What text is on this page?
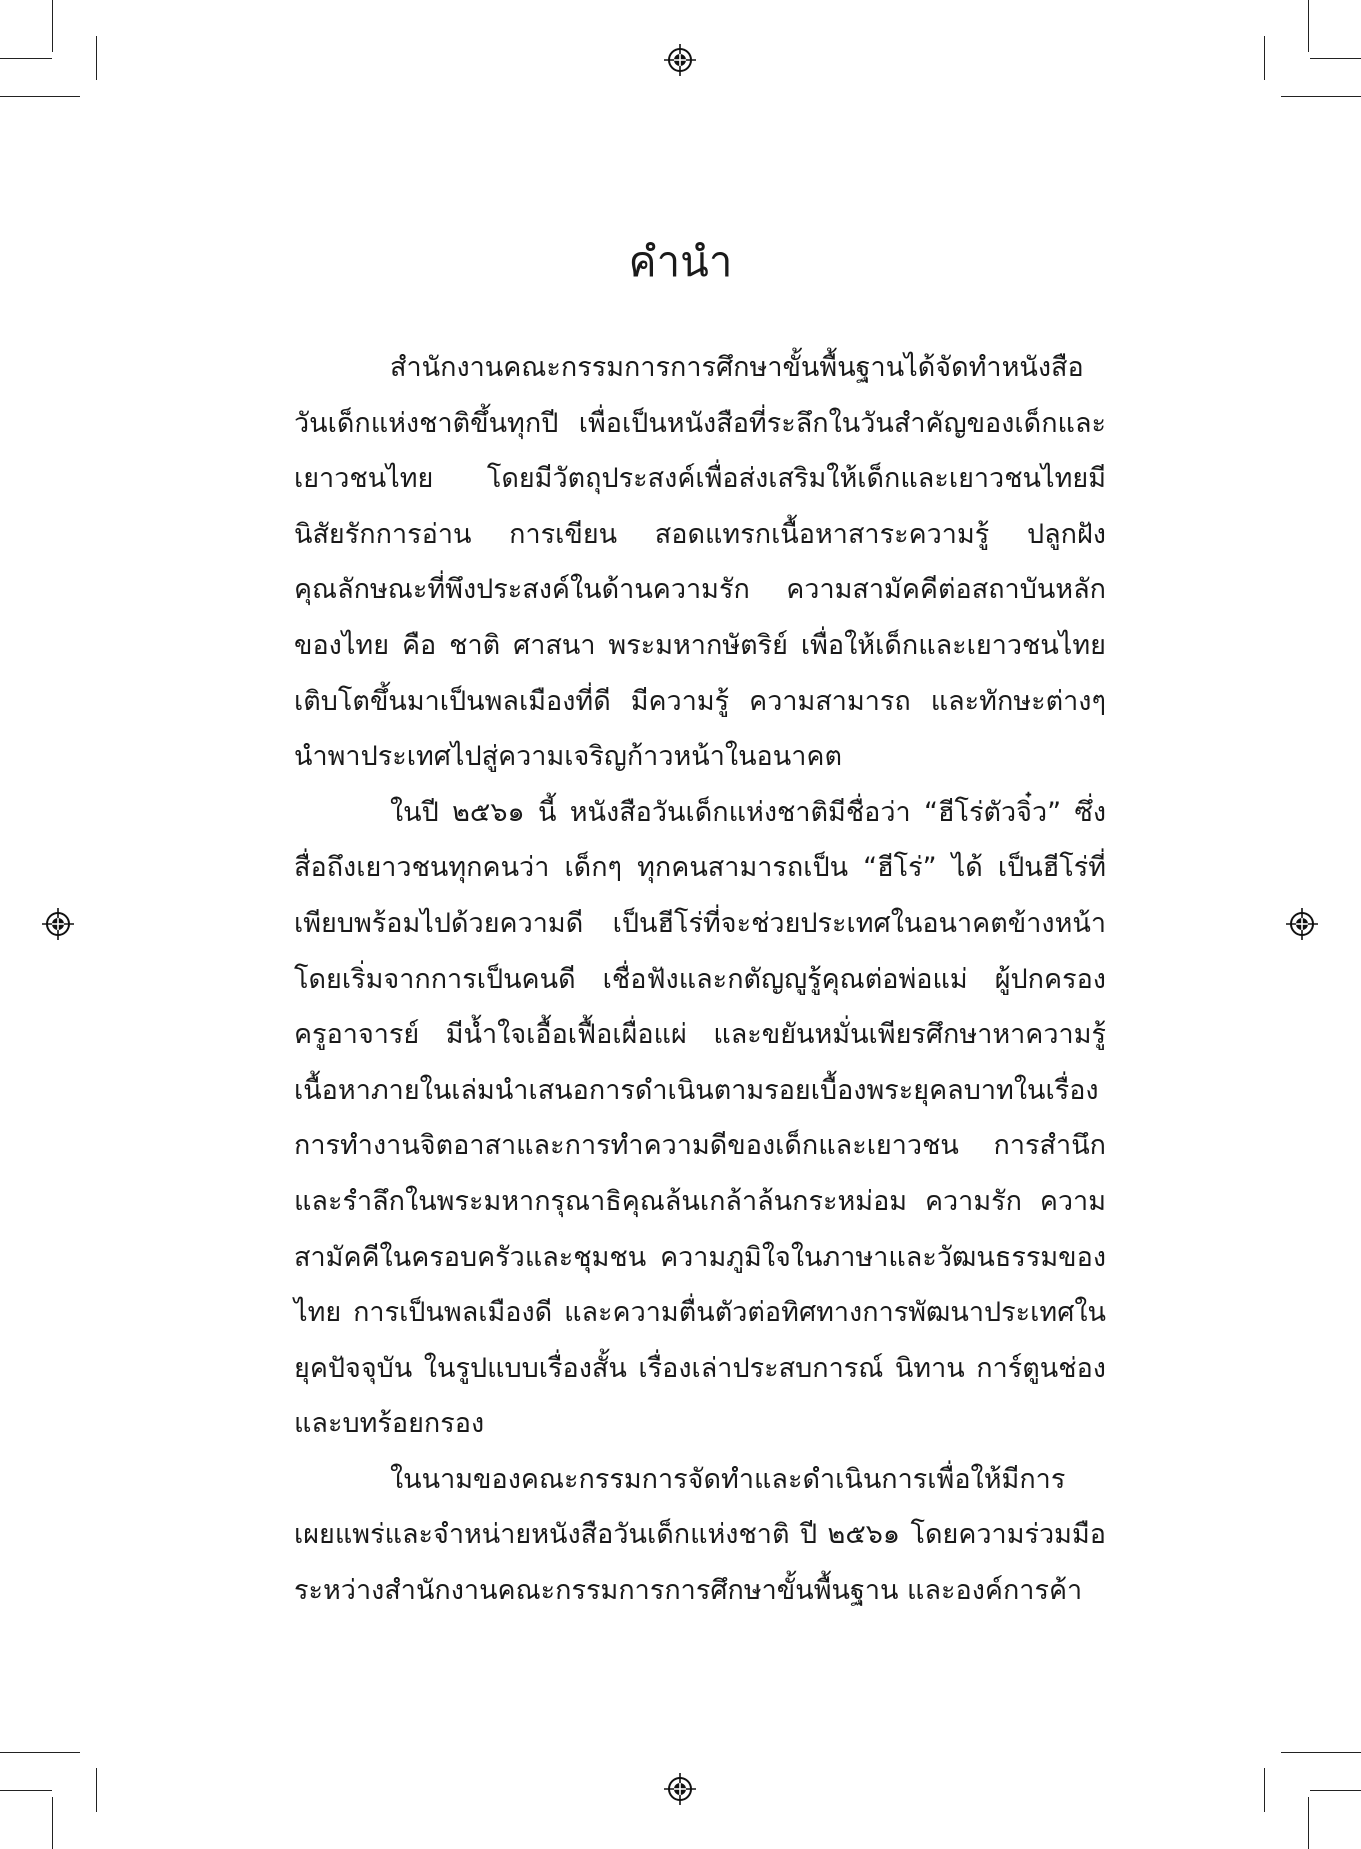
คำนำ

สำนักงานคณะกรรมการการศึกษาขั้นพื้นฐานได้จัดทำหนังสือวันเด็กแห่งชาติขึ้นทุกปี เพื่อเป็นหนังสือที่ระลึกในวันสำคัญของเด็กและเยาวชนไทย โดยมีวัตถุประสงค์เพื่อส่งเสริมให้เด็กและเยาวชนไทยมีนิสัยรักการอ่าน การเขียน สอดแทรกเนื้อหาสาระความรู้ ปลูกฝังคุณลักษณะที่พึงประสงค์ในด้านความรัก ความสามัคคีต่อสถาบันหลักของไทย คือ ชาติ ศาสนา พระมหากษัตริย์ เพื่อให้เด็กและเยาวชนไทยเติบโตขึ้นมาเป็นพลเมืองที่ดี มีความรู้ ความสามารถ และทักษะต่างๆ นำพาประเทศไปสู่ความเจริญก้าวหน้าในอนาคต

ในปี ๒๕๖๑ นี้ หนังสือวันเด็กแห่งชาติมีชื่อว่า “ฮีโร่ตัวจิ๋ว” ซึ่งสื่อถึงเยาวชนทุกคนว่า เด็กๆ ทุกคนสามารถเป็น “ฮีโร่” ได้ เป็นฮีโร่ที่เพียบพร้อมไปด้วยความดี เป็นฮีโร่ที่จะช่วยประเทศในอนาคตข้างหน้า โดยเริ่มจากการเป็นคนดี เชื่อฟังและกตัญญูรู้คุณต่อพ่อแม่ ผู้ปกครอง ครูอาจารย์ มีน้ำใจเอื้อเฟื้อเผื่อแผ่ และขยันหมั่นเพียรศึกษาหาความรู้ เนื้อหาภายในเล่มนำเสนอการดำเนินตามรอยเบื้องพระยุคลบาทในเรื่องการทำงานจิตอาสาและการทำความดีของเด็กและเยาวชน การสำนึกและรำลึกในพระมหากรุณาธิคุณล้นเกล้าล้นกระหม่อม ความรัก ความสามัคคีในครอบครัวและชุมชน ความภูมิใจในภาษาและวัฒนธรรมของไทย การเป็นพลเมืองดี และความตื่นตัวต่อทิศทางการพัฒนาประเทศในยุคปัจจุบัน ในรูปแบบเรื่องสั้น เรื่องเล่าประสบการณ์ นิทาน การ์ตูนช่อง และบทร้อยกรอง

ในนามของคณะกรรมการจัดทำและดำเนินการเพื่อให้มีการเผยแพร่และจำหน่ายหนังสือวันเด็กแห่งชาติ ปี ๒๕๖๑ โดยความร่วมมือระหว่างสำนักงานคณะกรรมการการศึกษาขั้นพื้นฐาน และองค์การค้า
